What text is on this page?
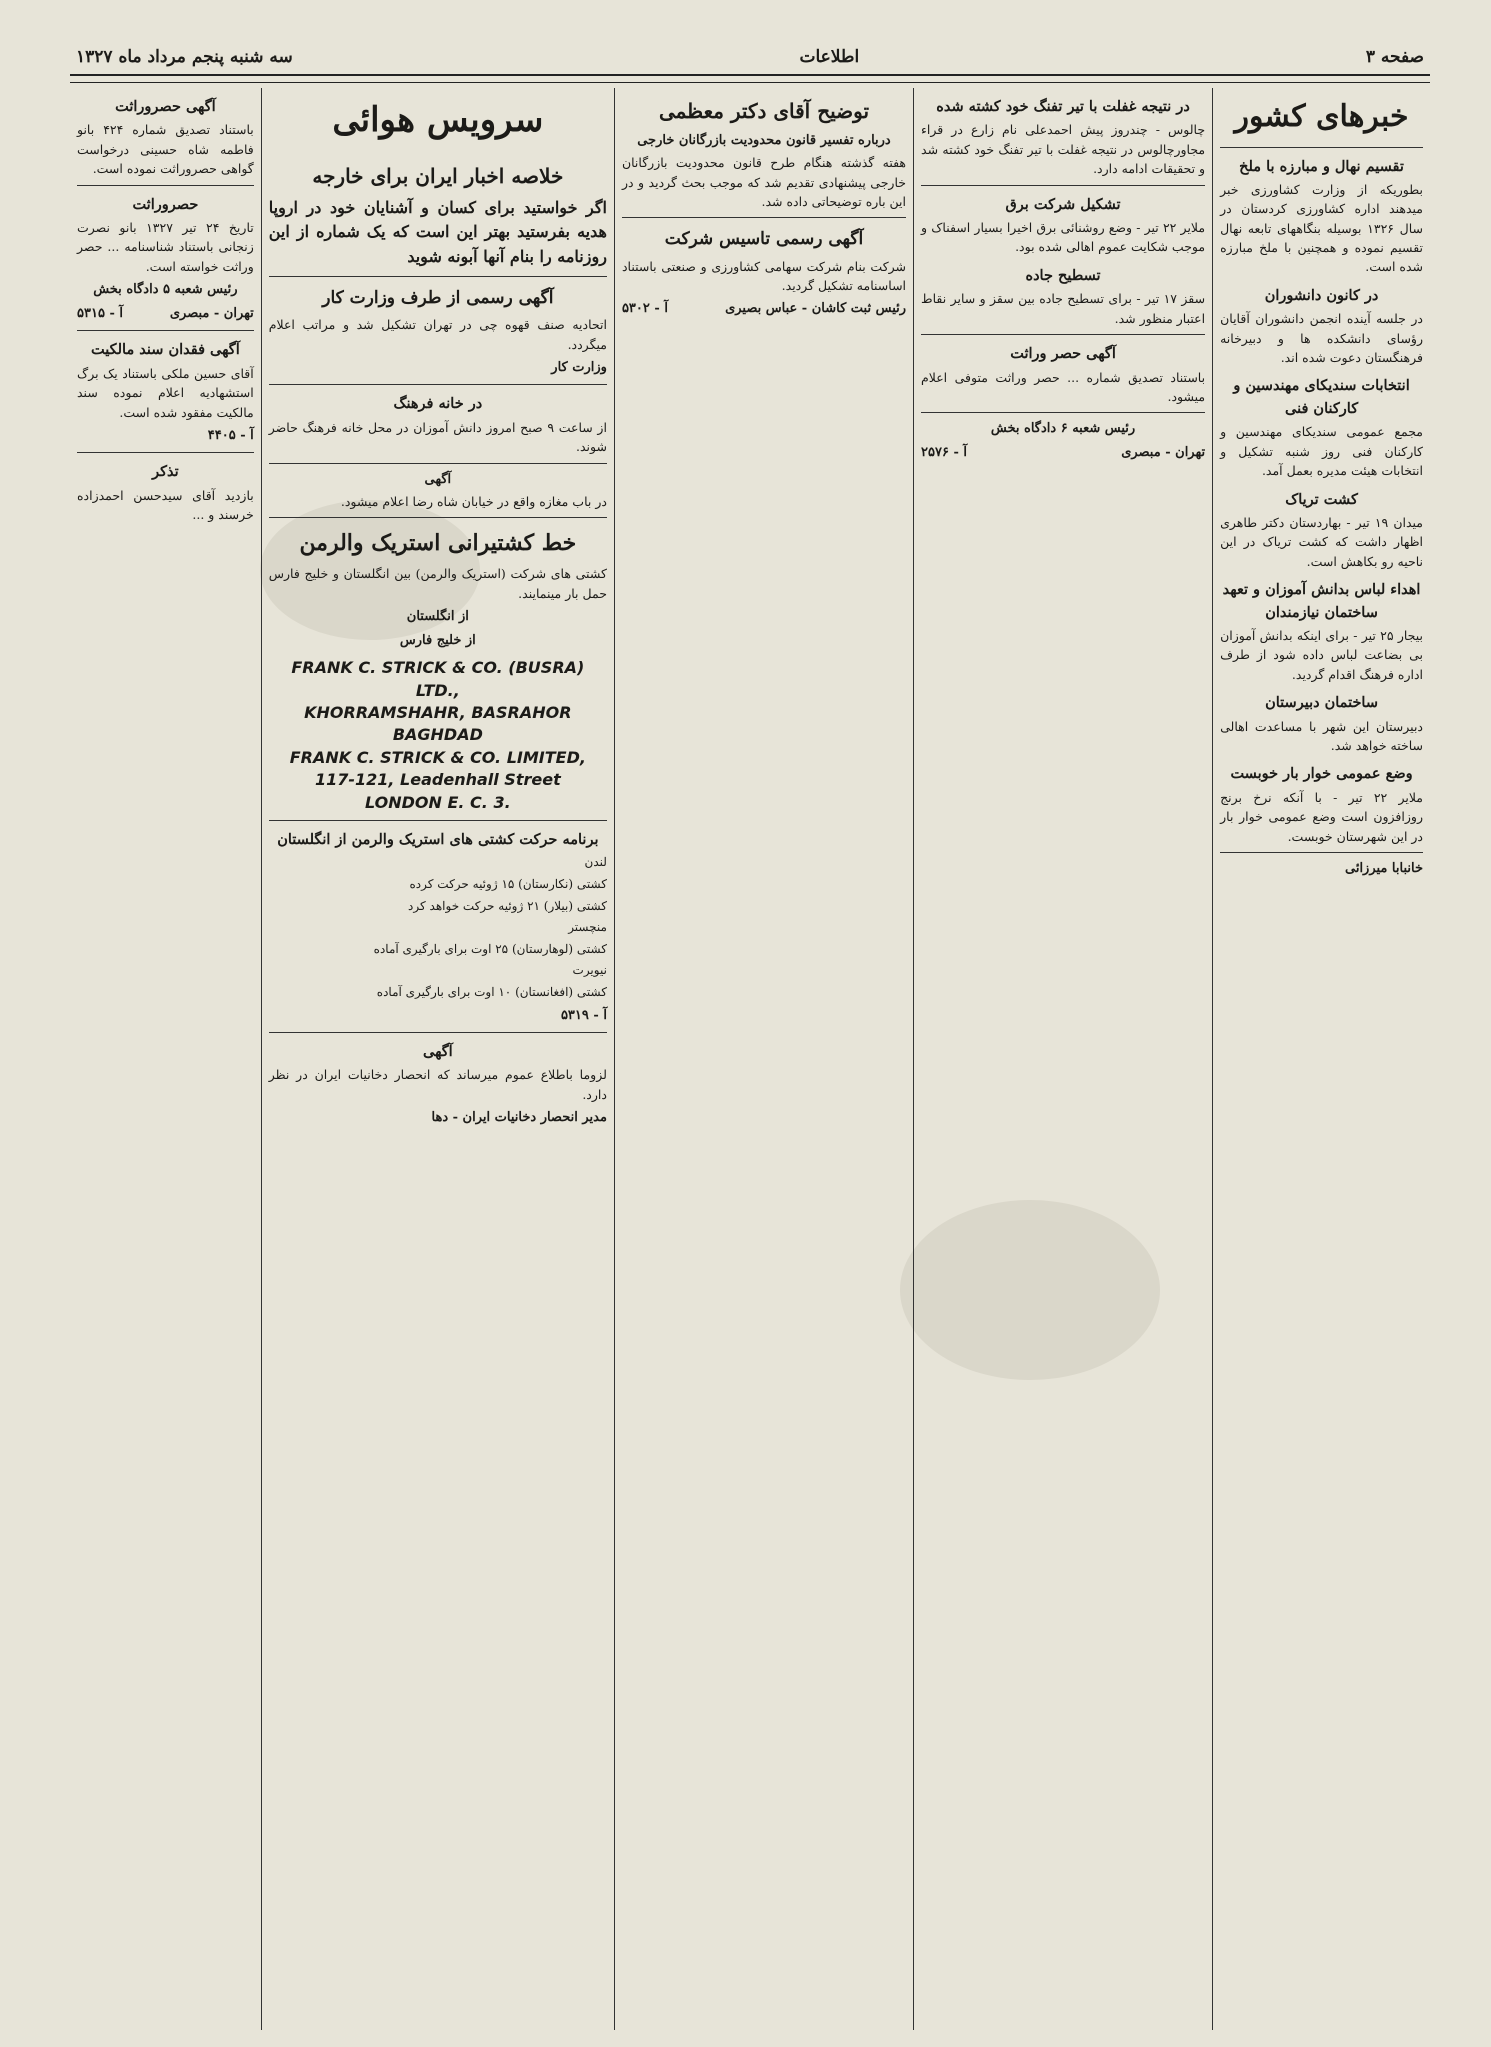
صفحه ۳
اطلاعات
سه شنبه پنجم مرداد ماه ۱۳۲۷
خبرهای کشور
تقسیم نهال و مبارزه با ملخ

بطوریکه از وزارت کشاورزی خبر میدهند اداره کشاورزی کردستان در سال ۱۳۲۶ بوسیله بنگاههای تابعه نهال تقسیم نموده و همچنین با ملخ مبارزه شده است.

در کانون دانشوران

در جلسه آینده انجمن دانشوران آقایان رؤسای دانشکده ها و دبیرخانه فرهنگستان دعوت شده اند.

انتخابات سندیکای مهندسین و کارکنان فنی

مجمع عمومی سندیکای مهندسین و کارکنان فنی روز شنبه تشکیل و انتخابات هیئت مدیره بعمل آمد.

کشت تریاک

میدان ۱۹ تیر - بهاردستان دکتر طاهری اظهار داشت که کشت تریاک در این ناحیه رو بکاهش است.

اهداء لباس بدانش آموزان و تعهد ساختمان نیازمندان

بیجار ۲۵ تیر - برای اینکه بدانش آموزان بی بضاعت لباس داده شود از طرف اداره فرهنگ اقدام گردید.

ساختمان دبیرستان

دبیرستان این شهر با مساعدت اهالی ساخته خواهد شد.

وضع عمومی خوار بار خوبست

ملایر ۲۲ تیر - با آنکه نرخ برنج روزافزون است وضع عمومی خوار بار در این شهرستان خوبست.

خانبابا میرزائی
در نتیجه غفلت با تیر تفنگ خود کشته شده

چالوس - چندروز پیش احمدعلی نام زارع در قراء مجاورچالوس در نتیجه غفلت با تیر تفنگ خود کشته شد و تحقیقات ادامه دارد.

تشکیل شرکت برق

ملایر ۲۲ تیر - وضع روشنائی برق اخیرا بسیار اسفناک و موجب شکایت عموم اهالی شده بود.

تسطیح جاده

سقز ۱۷ تیر - برای تسطیح جاده بین سقز و سایر نقاط اعتبار منظور شد.

آگهی حصر وراثت

باستناد تصدیق شماره ... حصر وراثت متوفی اعلام میشود.

رئیس شعبه ۶ دادگاه بخش
تهران - مبصری
آ - ۲۵۷۶
توضیح آقای دکتر معظمی
درباره تفسیر قانون محدودیت بازرگانان خارجی

هفته گذشته هنگام طرح قانون محدودیت بازرگانان خارجی پیشنهادی تقدیم شد که موجب بحث گردید و در این باره توضیحاتی داده شد.

آگهی رسمی تاسیس شرکت

شرکت بنام شرکت سهامی کشاورزی و صنعتی باستناد اساسنامه تشکیل گردید.

رئیس ثبت کاشان - عباس بصیری
آ - ۵۳۰۲
سرویس هوائی
خلاصه اخبار ایران برای خارجه

اگر خواستید برای کسان و آشنایان خود در اروپا هدیه بفرستید بهتر این است که یک شماره از این روزنامه را بنام آنها آبونه شوید

آگهی رسمی از طرف وزارت کار

اتحادیه صنف قهوه چی در تهران تشکیل شد و مراتب اعلام میگردد.

وزارت کار
در خانه فرهنگ

از ساعت ۹ صبح امروز دانش آموزان در محل خانه فرهنگ حاضر شوند.

آگهی

در باب مغازه واقع در خیابان شاه رضا اعلام میشود.

خط کشتیرانی استریک والرمن

کشتی های شرکت (استریک والرمن) بین انگلستان و خلیج فارس حمل بار مینمایند.

از انگلستان
از خلیج فارس
FRANK C. STRICK & CO. (BUSRA) LTD.,
KHORRAMSHAHR, BASRAHOR BAGHDAD
FRANK C. STRICK & CO. LIMITED,
117-121, Leadenhall Street
LONDON E. C. 3.
برنامه حرکت کشتی های استریک والرمن از انگلستان

لندن

کشتی (نکارستان) ۱۵ ژوئیه حرکت کرده

کشتی (بیلار) ۲۱ ژوئیه حرکت خواهد کرد

منچستر

کشتی (لوهارستان) ۲۵ اوت برای بارگیری آماده

نیویرت

کشتی (افغانستان) ۱۰ اوت برای بارگیری آماده

آ - ۵۳۱۹
آگهی

لزوما باطلاع عموم میرساند که انحصار دخانیات ایران در نظر دارد.

مدیر انحصار دخانیات ایران - دها
آگهی حصروراثت

باستناد تصدیق شماره ۴۲۴ بانو فاطمه شاه حسینی درخواست گواهی حصروراثت نموده است.

حصروراثت

تاریخ ۲۴ تیر ۱۳۲۷ بانو نصرت زنجانی باستناد شناسنامه ... حصر وراثت خواسته است.

رئیس شعبه ۵ دادگاه بخش
تهران - مبصری
آ - ۵۳۱۵
آگهی فقدان سند مالکیت

آقای حسین ملکی باستناد یک برگ استشهادیه اعلام نموده سند مالکیت مفقود شده است.

آ - ۴۴۰۵
تذکر

بازدید آقای سیدحسن احمدزاده خرسند و ...
